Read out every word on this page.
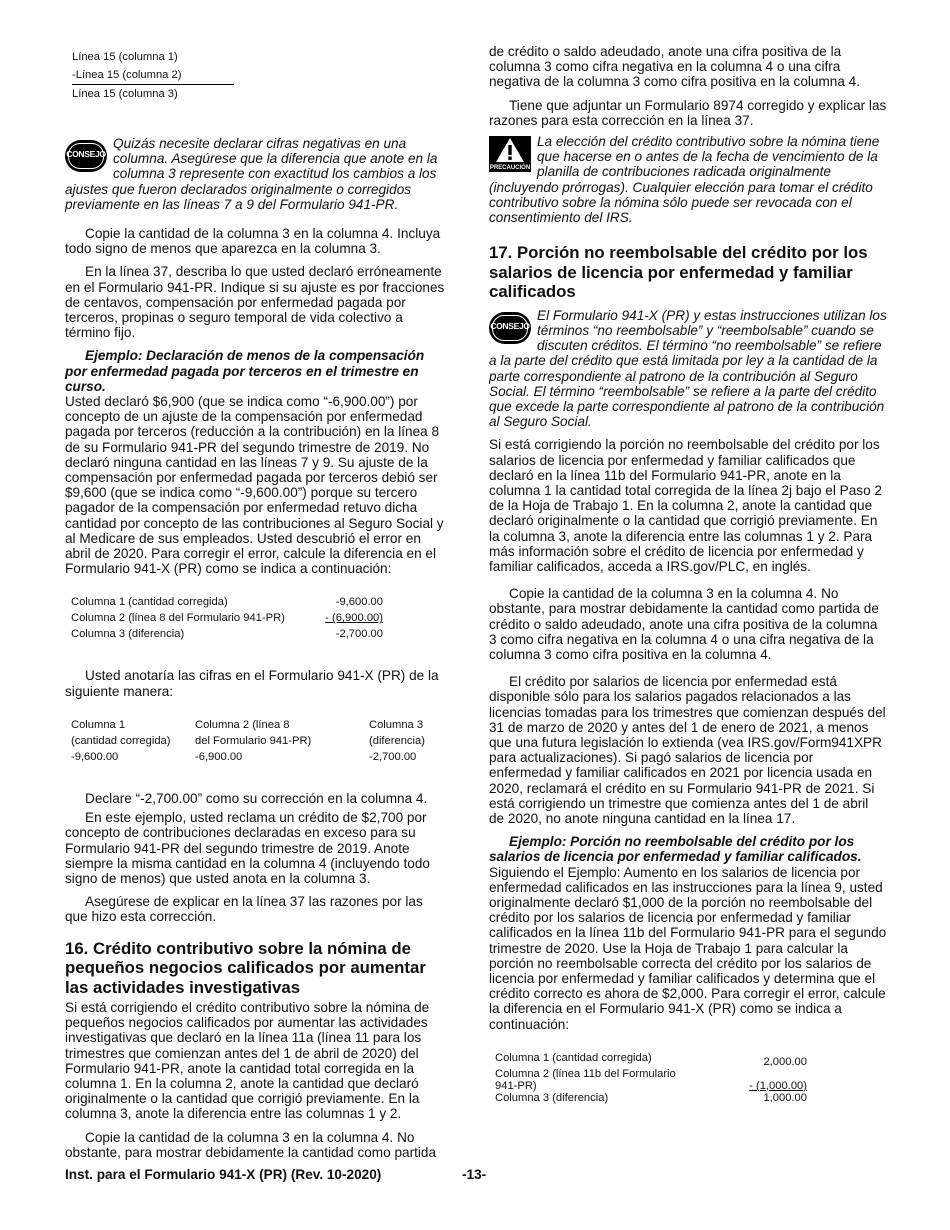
Línea 15 (columna 1)
-Línea 15 (columna 2)
Línea 15 (columna 3)
CONSEJO

Quizás necesite declarar cifras negativas en una columna. Asegúrese que la diferencia que anote en la columna 3 represente con exactitud los cambios a los ajustes que fueron declarados originalmente o corregidos previamente en las líneas 7 a 9 del Formulario 941-PR.

Copie la cantidad de la columna 3 en la columna 4. Incluya todo signo de menos que aparezca en la columna 3.

En la línea 37, describa lo que usted declaró erróneamente en el Formulario 941-PR. Indique si su ajuste es por fracciones de centavos, compensación por enfermedad pagada por terceros, propinas o seguro temporal de vida colectivo a término fijo.

Ejemplo: Declaración de menos de la compensación por enfermedad pagada por terceros en el trimestre en curso.

Usted declaró $6,900 (que se indica como “-6,900.00”) por concepto de un ajuste de la compensación por enfermedad pagada por terceros (reducción a la contribución) en la línea 8 de su Formulario 941-PR del segundo trimestre de 2019. No declaró ninguna cantidad en las líneas 7 y 9. Su ajuste de la compensación por enfermedad pagada por terceros debió ser $9,600 (que se indica como “-9,600.00”) porque su tercero pagador de la compensación por enfermedad retuvo dicha cantidad por concepto de las contribuciones al Seguro Social y al Medicare de sus empleados. Usted descubrió el error en abril de 2020. Para corregir el error, calcule la diferencia en el Formulario 941-X (PR) como se indica a continuación:

Columna 1 (cantidad corregida)	-9,600.00
Columna 2 (línea 8 del Formulario 941-PR)	- (6,900.00)
Columna 3 (diferencia)	-2,700.00

Usted anotaría las cifras en el Formulario 941-X (PR) de la siguiente manera:

Columna 1	Columna 2 (línea 8	Columna 3
(cantidad corregida)	del Formulario 941-PR)	(diferencia)
-9,600.00	-6,900.00	-2,700.00

Declare “-2,700.00” como su corrección en la columna 4.

En este ejemplo, usted reclama un crédito de $2,700 por concepto de contribuciones declaradas en exceso para su Formulario 941-PR del segundo trimestre de 2019. Anote siempre la misma cantidad en la columna 4 (incluyendo todo signo de menos) que usted anota en la columna 3.

Asegúrese de explicar en la línea 37 las razones por las que hizo esta corrección.

16. Crédito contributivo sobre la nómina de pequeños negocios calificados por aumentar las actividades investigativas

Si está corrigiendo el crédito contributivo sobre la nómina de pequeños negocios calificados por aumentar las actividades investigativas que declaró en la línea 11a (línea 11 para los trimestres que comienzan antes del 1 de abril de 2020) del Formulario 941-PR, anote la cantidad total corregida en la columna 1. En la columna 2, anote la cantidad que declaró originalmente o la cantidad que corrigió previamente. En la columna 3, anote la diferencia entre las columnas 1 y 2.

Copie la cantidad de la columna 3 en la columna 4. No obstante, para mostrar debidamente la cantidad como partida

de crédito o saldo adeudado, anote una cifra positiva de la columna 3 como cifra negativa en la columna 4 o una cifra negativa de la columna 3 como cifra positiva en la columna 4.

Tiene que adjuntar un Formulario 8974 corregido y explicar las razones para esta corrección en la línea 37.

PRECAUCIÓN

La elección del crédito contributivo sobre la nómina tiene que hacerse en o antes de la fecha de vencimiento de la planilla de contribuciones radicada originalmente (incluyendo prórrogas). Cualquier elección para tomar el crédito contributivo sobre la nómina sólo puede ser revocada con el consentimiento del IRS.

17. Porción no reembolsable del crédito por los salarios de licencia por enfermedad y familiar calificados
CONSEJO

El Formulario 941-X (PR) y estas instrucciones utilizan los términos “no reembolsable” y “reembolsable” cuando se discuten créditos. El término “no reembolsable” se refiere a la parte del crédito que está limitada por ley a la cantidad de la parte correspondiente al patrono de la contribución al Seguro Social. El término “reembolsable” se refiere a la parte del crédito que excede la parte correspondiente al patrono de la contribución al Seguro Social.

Si está corrigiendo la porción no reembolsable del crédito por los salarios de licencia por enfermedad y familiar calificados que declaró en la línea 11b del Formulario 941-PR, anote en la columna 1 la cantidad total corregida de la línea 2j bajo el Paso 2 de la Hoja de Trabajo 1. En la columna 2, anote la cantidad que declaró originalmente o la cantidad que corrigió previamente. En la columna 3, anote la diferencia entre las columnas 1 y 2. Para más información sobre el crédito de licencia por enfermedad y familiar calificados, acceda a IRS.gov/PLC, en inglés.

Copie la cantidad de la columna 3 en la columna 4. No obstante, para mostrar debidamente la cantidad como partida de crédito o saldo adeudado, anote una cifra positiva de la columna 3 como cifra negativa en la columna 4 o una cifra negativa de la columna 3 como cifra positiva en la columna 4.

El crédito por salarios de licencia por enfermedad está disponible sólo para los salarios pagados relacionados a las licencias tomadas para los trimestres que comienzan después del 31 de marzo de 2020 y antes del 1 de enero de 2021, a menos que una futura legislación lo extienda (vea IRS.gov/Form941XPR para actualizaciones). Si pagó salarios de licencia por enfermedad y familiar calificados en 2021 por licencia usada en 2020, reclamará el crédito en su Formulario 941-PR de 2021. Si está corrigiendo un trimestre que comienza antes del 1 de abril de 2020, no anote ninguna cantidad en la línea 17.

Ejemplo: Porción no reembolsable del crédito por los salarios de licencia por enfermedad y familiar calificados.

Siguiendo el Ejemplo: Aumento en los salarios de licencia por enfermedad calificados en las instrucciones para la línea 9, usted originalmente declaró $1,000 de la porción no reembolsable del crédito por los salarios de licencia por enfermedad y familiar calificados en la línea 11b del Formulario 941-PR para el segundo trimestre de 2020. Use la Hoja de Trabajo 1 para calcular la porción no reembolsable correcta del crédito por los salarios de licencia por enfermedad y familiar calificados y determina que el crédito correcto es ahora de $2,000. Para corregir el error, calcule la diferencia en el Formulario 941-X (PR) como se indica a continuación:

Columna 1 (cantidad corregida)	2,000.00
Columna 2 (línea 11b del Formulario 941-PR)	- (1,000.00)
Columna 3 (diferencia)	1,000.00
Inst. para el Formulario 941-X (PR) (Rev. 10-2020)	-13-
